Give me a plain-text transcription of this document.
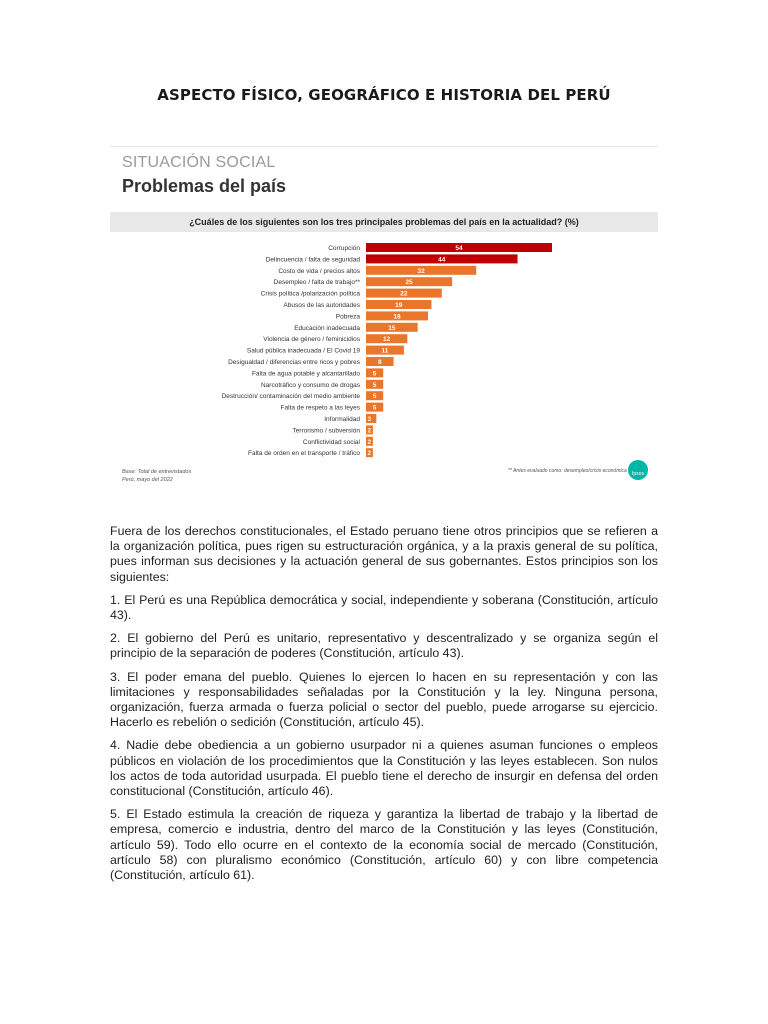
ASPECTO FÍSICO, GEOGRÁFICO E HISTORIA DEL PERÚ
SITUACIÓN SOCIAL
Problemas del país
¿Cuáles de los siguientes son los tres principales problemas del país en la actualidad? (%)
Corrupción	54
Delincuencia / falta de seguridad	44
Costo de vida / precios altos	32
Desempleo / falta de trabajo**	25
Crisis política /polarización política	22
Abusos de las autoridades	19
Pobreza	18
Educación inadecuada	15
Violencia de género / feminicidios	12
Salud pública inadecuada / El Covid 19	11
Desigualdad / diferencias entre ricos y pobres	8
Falta de agua potable y alcantarillado 5
Narcotráfico y consumo de drogas 5
Destrucción/ contaminación del medio ambiente 5
Falta de respeto a las leyes 5
Informalidad 3
Terrorismo / subversión 2
Conflictividad social 2
Falta de orden en el transporte / tráfico 2
Base: Total de entrevistados
Perú, mayo del 2022
** Antes evaluado como: desempleo/crisis económica	Ipsos

Fuera de los derechos constitucionales, el Estado peruano tiene otros principios que se refieren a la organización política, pues rigen su estructuración orgánica, y a la praxis general de su política, pues informan sus decisiones y la actuación general de sus gobernantes. Estos principios son los siguientes:

1. El Perú es una República democrática y social, independiente y soberana (Constitución, artículo 43).

2. El gobierno del Perú es unitario, representativo y descentralizado y se organiza según el principio de la separación de poderes (Constitución, artículo 43).

3. El poder emana del pueblo. Quienes lo ejercen lo hacen en su representación y con las limitaciones y responsabilidades señaladas por la Constitución y la ley. Ninguna persona, organización, fuerza armada o fuerza policial o sector del pueblo, puede arrogarse su ejercicio. Hacerlo es rebelión o sedición (Constitución, artículo 45).

4. Nadie debe obediencia a un gobierno usurpador ni a quienes asuman funciones o empleos públicos en violación de los procedimientos que la Constitución y las leyes establecen. Son nulos los actos de toda autoridad usurpada. El pueblo tiene el derecho de insurgir en defensa del orden constitucional (Constitución, artículo 46).

5. El Estado estimula la creación de riqueza y garantiza la libertad de trabajo y la libertad de empresa, comercio e industria, dentro del marco de la Constitución y las leyes (Constitución, artículo 59). Todo ello ocurre en el contexto de la economía social de mercado (Constitución, artículo 58) con pluralismo económico (Constitución, artículo 60) y con libre competencia (Constitución, artículo 61).
